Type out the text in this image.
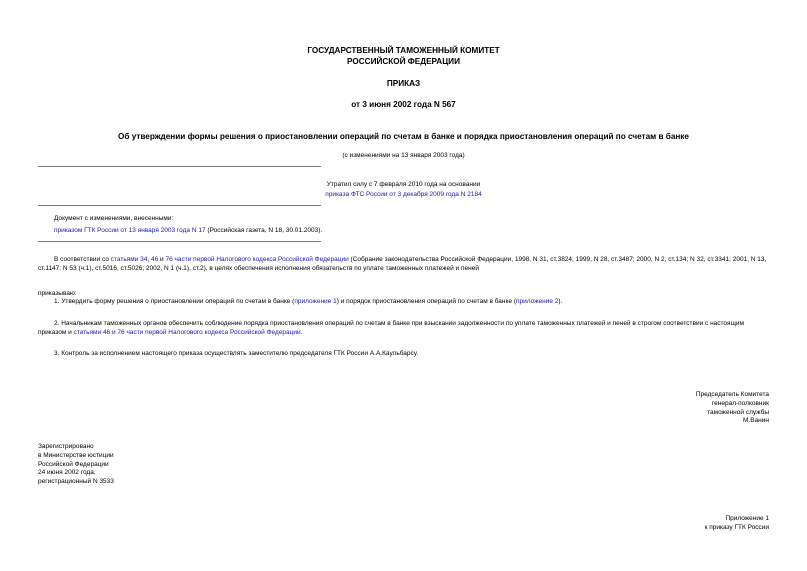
ГОСУДАРСТВЕННЫЙ ТАМОЖЕННЫЙ КОМИТЕТ
РОССИЙСКОЙ ФЕДЕРАЦИИ
ПРИКАЗ
от 3 июня 2002 года N 567
Об утверждении формы решения о приостановлении операций по счетам в банке и порядка приостановления операций по счетам в банке
(с изменениями на 13 января 2003 года)
Утратил силу с 7 февраля 2010 года на основании
приказа ФТС России от 3 декабря 2009 года N 2184
Документ с изменениями, внесенными:
приказом ГТК России от 13 января 2003 года N 17 (Российская газета, N 18, 30.01.2003).
В соответствии со статьями 34, 46 и 76 части первой Налогового кодекса Российской Федерации (Собрание законодательства Российской Федерации, 1998, N 31, ст.3824; 1999, N 28, ст.3487; 2000, N 2, ст.134; N 32, ст.3341; 2001, N 13, ст.1147; N 53 (ч.1), ст.5016, ст.5026; 2002, N 1 (ч.1), ст.2), в целях обеспечения исполнения обязательств по уплате таможенных платежей и пеней
приказываю:
1. Утвердить форму решения о приостановлении операций по счетам в банке (приложение 1) и порядок приостановления операций по счетам в банке (приложение 2).
2. Начальникам таможенных органов обеспечить соблюдение порядка приостановления операций по счетам в банке при взыскании задолженности по уплате таможенных платежей и пеней в строгом соответствии с настоящим приказом и статьями 46 и 76 части первой Налогового кодекса Российской Федерации.
3. Контроль за исполнением настоящего приказа осуществлять заместителю председателя ГТК России А.А.Каульбарсу.
Председатель Комитета
генерал-полковник
таможенной службы
М.Ванин
Зарегистрировано
в Министерстве юстиции
Российской Федерации
24 июня 2002 года,
регистрационный N 3533
Приложение 1
к приказу ГТК России
